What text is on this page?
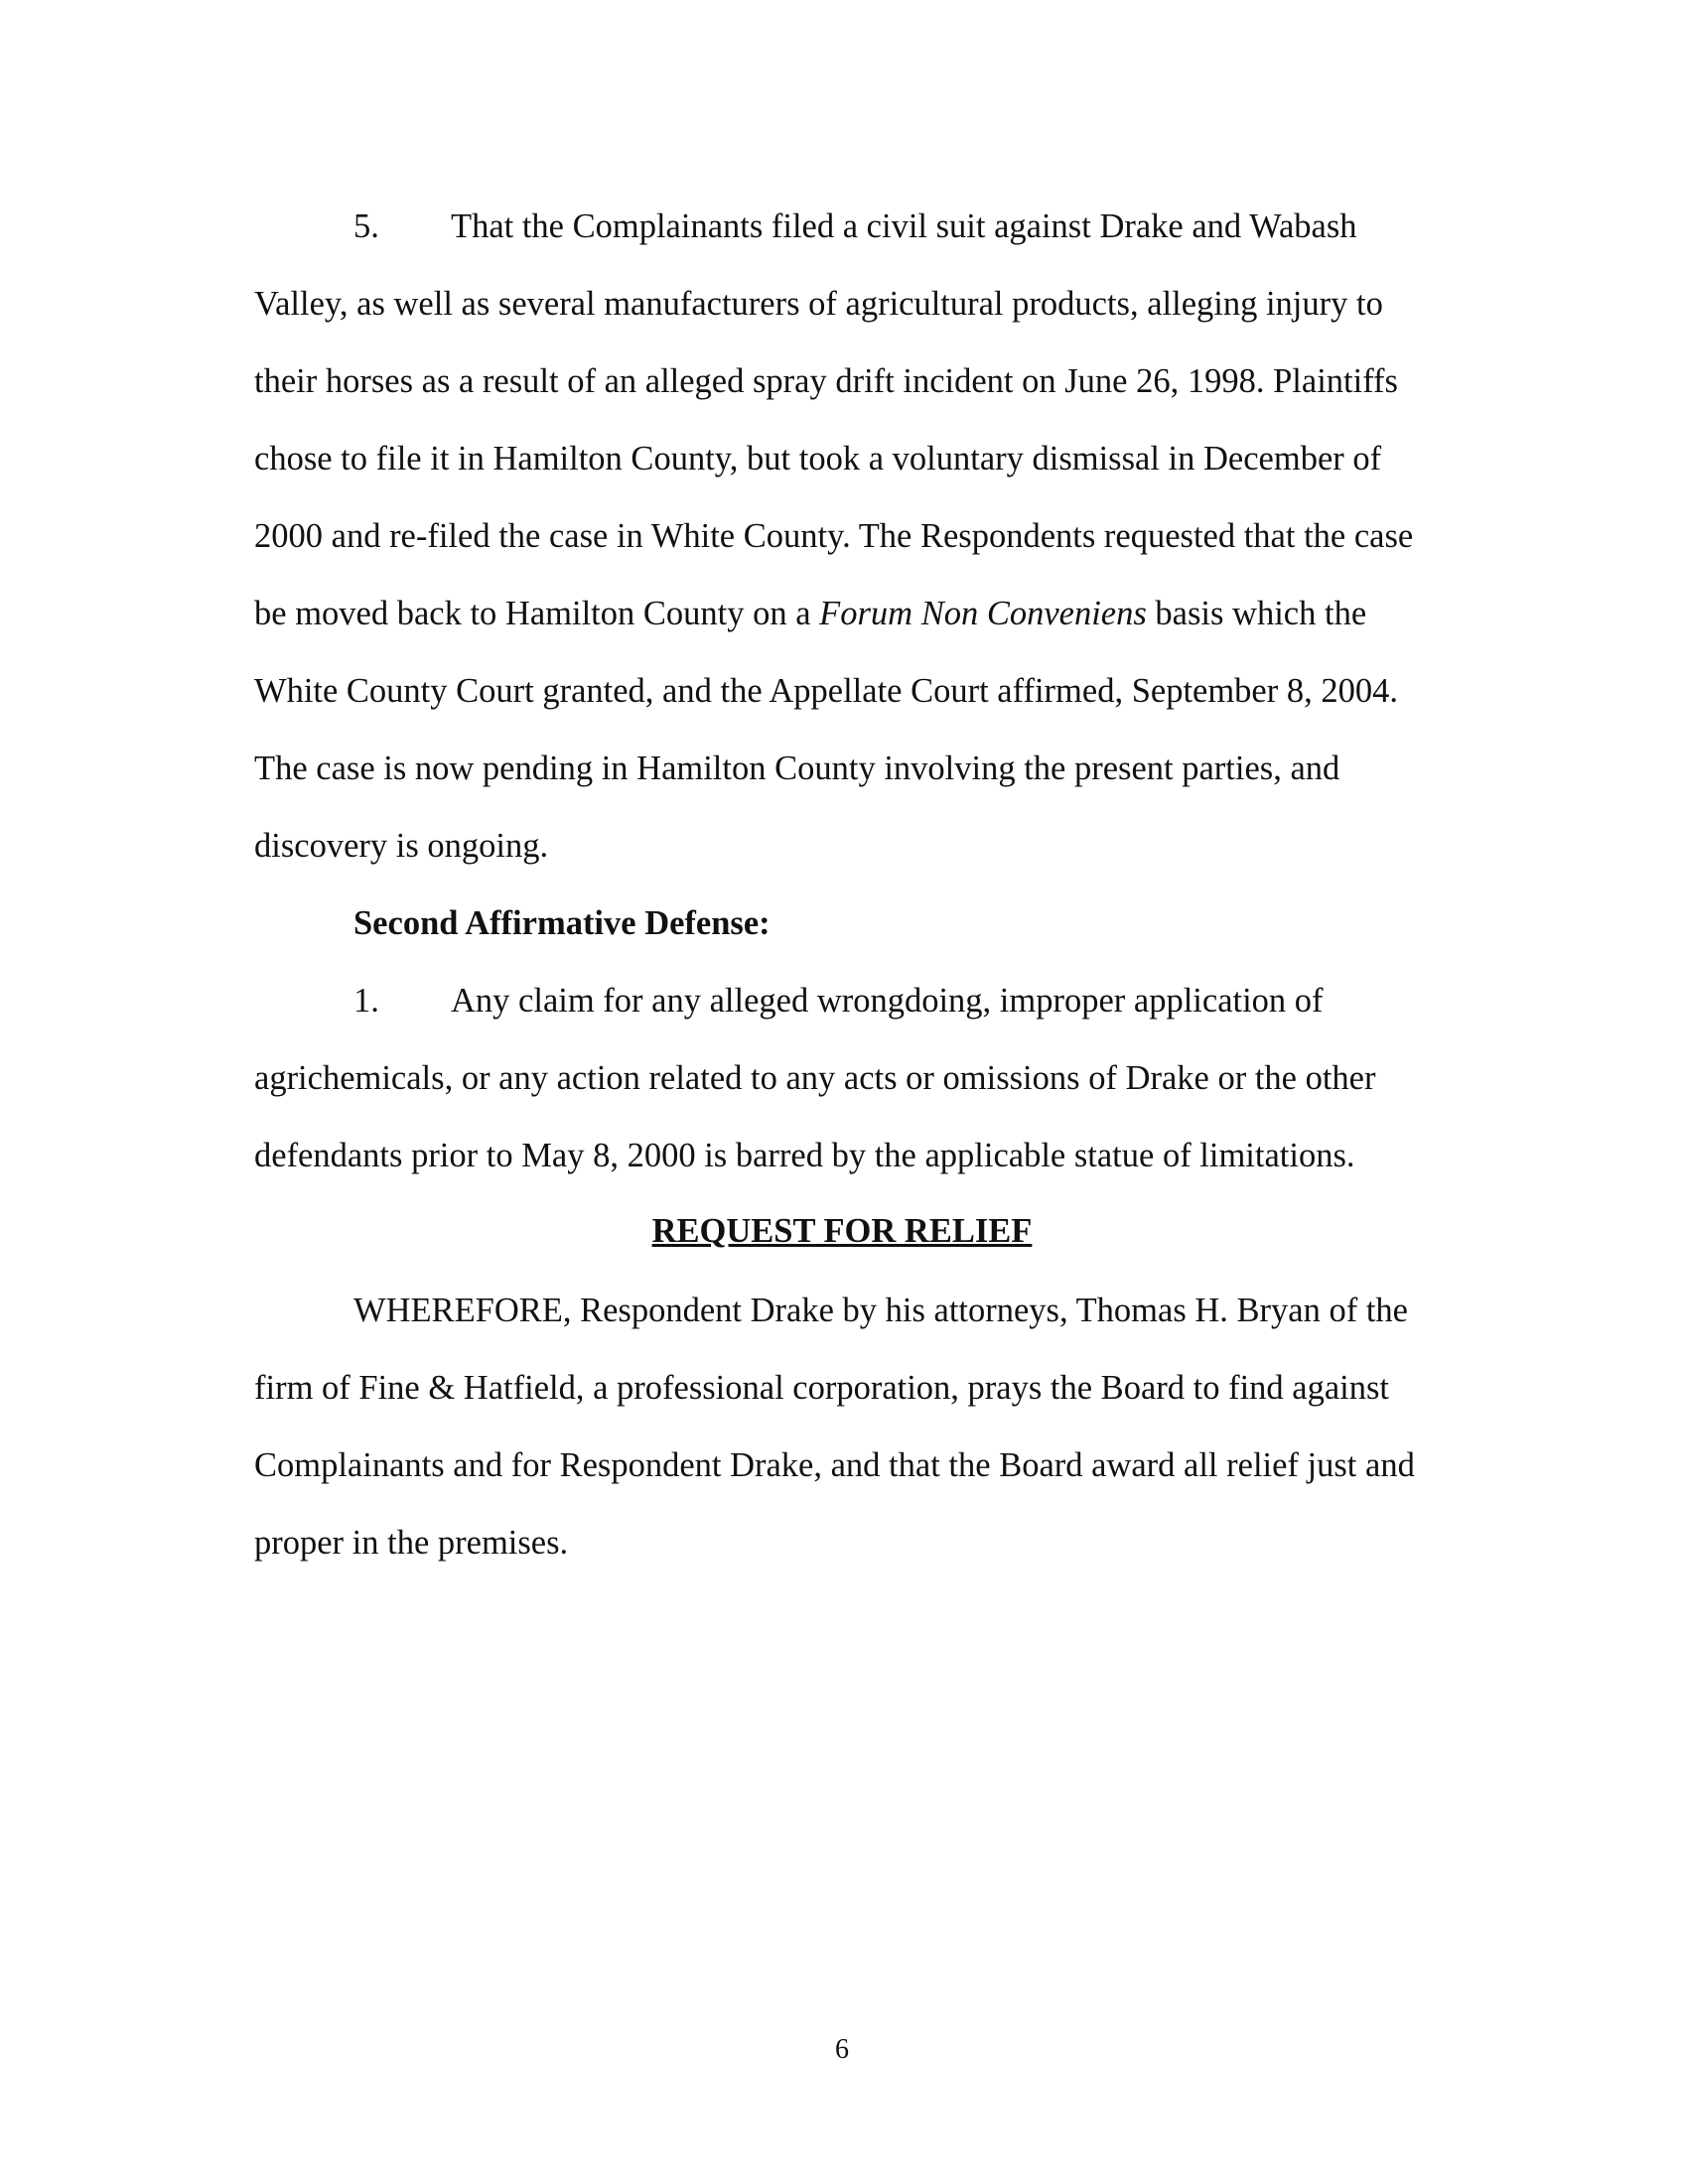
5. That the Complainants filed a civil suit against Drake and Wabash
Valley, as well as several manufacturers of agricultural products, alleging injury to
their horses as a result of an alleged spray drift incident on June 26, 1998. Plaintiffs
chose to file it in Hamilton County, but took a voluntary dismissal in December of
2000 and re-filed the case in White County. The Respondents requested that the case
be moved back to Hamilton County on a Forum Non Conveniens basis which the
White County Court granted, and the Appellate Court affirmed, September 8, 2004.
The case is now pending in Hamilton County involving the present parties, and
discovery is ongoing.
Second Affirmative Defense:
1. Any claim for any alleged wrongdoing, improper application of
agrichemicals, or any action related to any acts or omissions of Drake or the other
defendants prior to May 8, 2000 is barred by the applicable statue of limitations.
REQUEST FOR RELIEF
WHEREFORE, Respondent Drake by his attorneys, Thomas H. Bryan of the
firm of Fine & Hatfield, a professional corporation, prays the Board to find against
Complainants and for Respondent Drake, and that the Board award all relief just and
proper in the premises.
6
